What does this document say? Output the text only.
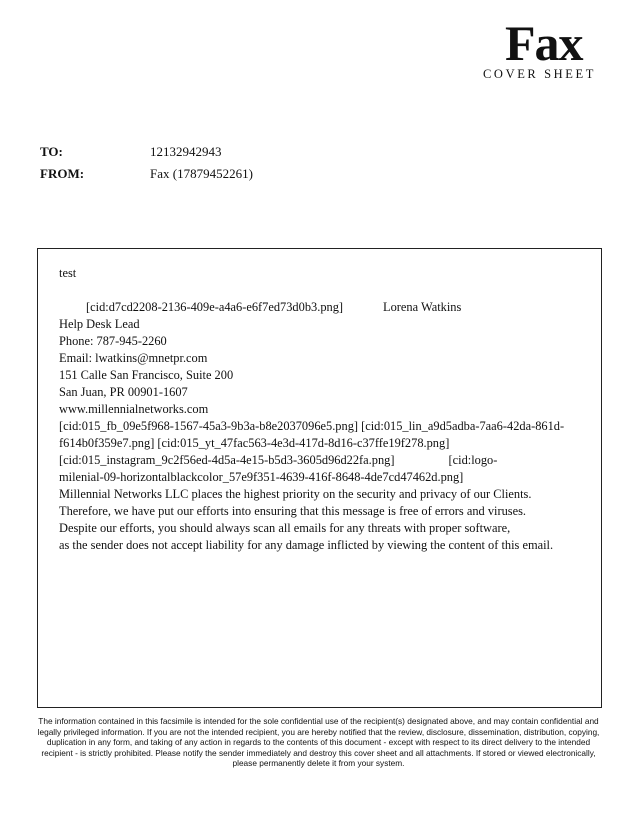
Fax
COVER SHEET
TO:	12132942943
FROM:	Fax (17879452261)
test
[cid:d7cd2208-2136-409e-a4a6-e6f7ed73d0b3.png]	Lorena Watkins
Help Desk Lead
Phone: 787-945-2260
Email: lwatkins@mnetpr.com
151 Calle San Francisco, Suite 200
San Juan, PR 00901-1607
www.millennialnetworks.com
[cid:015_fb_09e5f968-1567-45a3-9b3a-b8e2037096e5.png] [cid:015_lin_a9d5adba-7aa6-42da-861d-
f614b0f359e7.png] [cid:015_yt_47fac563-4e3d-417d-8d16-c37ffe19f278.png]
[cid:015_instagram_9c2f56ed-4d5a-4e15-b5d3-3605d96d22fa.png]	[cid:logo-
milenial-09-horizontalblackcolor_57e9f351-4639-416f-8648-4de7cd47462d.png]
Millennial Networks LLC places the highest priority on the security and privacy of our Clients.
Therefore, we have put our efforts into ensuring that this message is free of errors and viruses.
Despite our efforts, you should always scan all emails for any threats with proper software,
as the sender does not accept liability for any damage inflicted by viewing the content of this email.
The information contained in this facsimile is intended for the sole confidential use of the recipient(s) designated above, and may contain confidential and legally privileged information. If you are not the intended recipient, you are hereby notified that the review, disclosure, dissemination, distribution, copying, duplication in any form, and taking of any action in regards to the contents of this document - except with respect to its direct delivery to the intended recipient - is strictly prohibited. Please notify the sender immediately and destroy this cover sheet and all attachments. If stored or viewed electronically, please permanently delete it from your system.
